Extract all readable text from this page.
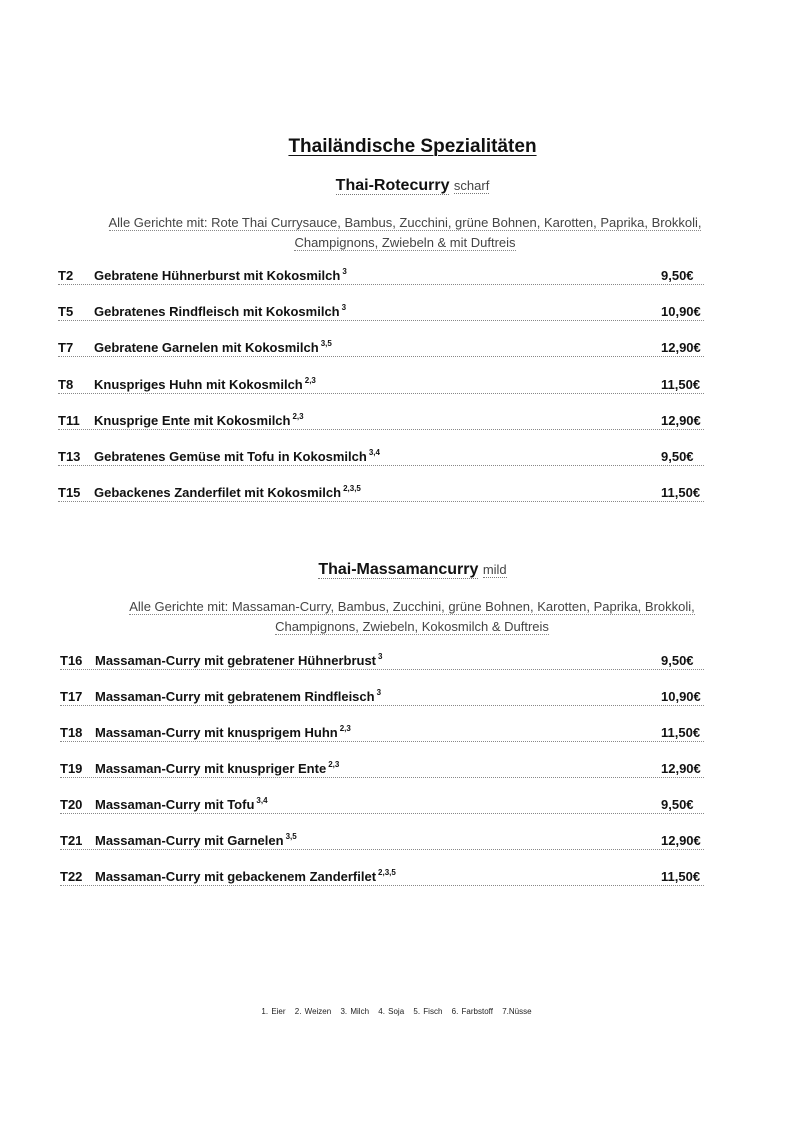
Thailändische Spezialitäten
Thai-Rotecurry scharf
Alle Gerichte mit: Rote Thai Currysauce, Bambus, Zucchini, grüne Bohnen, Karotten, Paprika, Brokkoli,
Champignons, Zwiebeln & mit Duftreis
T2 Gebratene Hühnerburst mit Kokosmilch $^3$	9,50€
T5 Gebratenes Rindfleisch mit Kokosmilch $^3$	10,90€
T7 Gebratene Garnelen mit Kokosmilch $^{3,5}$	12,90€
T8 Knuspriges Huhn mit Kokosmilch $^{2,3}$	11,50€
T11 Knusprige Ente mit Kokosmilch $^{2,3}$	12,90€
T13 Gebratenes Gemüse mit Tofu in Kokosmilch $^{3,4}$	9,50€
T15 Gebackenes Zanderfilet mit Kokosmilch $^{2,3,5}$	11,50€
Thai-Massamancurry mild
Alle Gerichte mit: Massaman-Curry, Bambus, Zucchini, grüne Bohnen, Karotten, Paprika, Brokkoli,
Champignons, Zwiebeln, Kokosmilch & Duftreis
T16 Massaman-Curry mit gebratener Hühnerbrust $^3$	9,50€
T17 Massaman-Curry mit gebratenem Rindfleisch $^3$	10,90€
T18 Massaman-Curry mit knusprigem Huhn $^{2,3}$	11,50€
T19 Massaman-Curry mit knuspriger Ente $^{2,3}$	12,90€
T20 Massaman-Curry mit Tofu $^{3,4}$	9,50€
T21 Massaman-Curry mit Garnelen $^{3,5}$	12,90€
T22 Massaman-Curry mit gebackenem Zanderfilet $^{2,3,5}$	11,50€
1. Eier 2. Weizen 3. Milch 4. Soja 5. Fisch 6. Farbstoff 7.Nüsse
